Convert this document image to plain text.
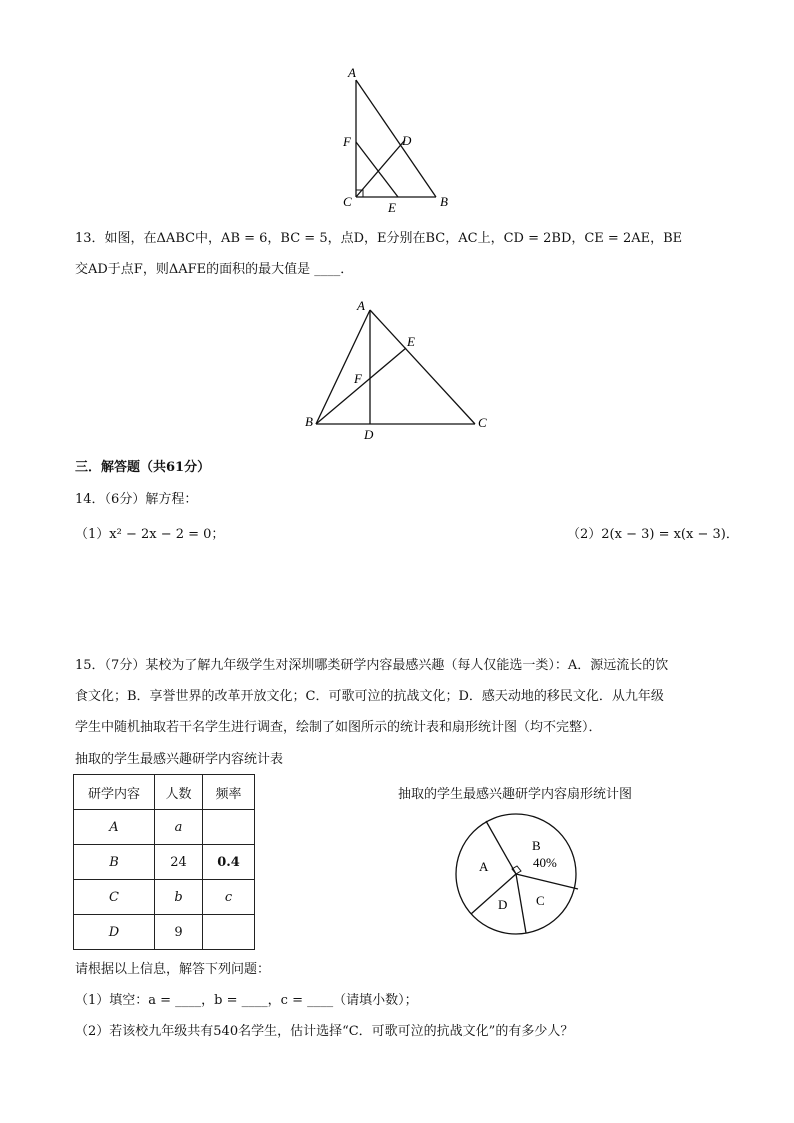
A
F	D
C	E	B
13．如图，在ΔABC中，AB = 6，BC = 5，点D，E分别在BC，AC上，CD = 2BD，CE = 2AE，BE
交AD于点F，则ΔAFE的面积的最大值是 ____．
A
E
F
B
D
C
三．解答题（共61分）
14．（6分）解方程：
（1）x² − 2x − 2 = 0；	（2）2(x − 3) = x(x − 3)．
15．（7分）某校为了解九年级学生对深圳哪类研学内容最感兴趣（每人仅能选一类）：A．源远流长的饮
食文化；B．享誉世界的改革开放文化；C．可歌可泣的抗战文化；D．感天动地的移民文化．从九年级
学生中随机抽取若干名学生进行调查，绘制了如图所示的统计表和扇形统计图（均不完整）．
抽取的学生最感兴趣研学内容统计表
研学内容	人数	频率
A	a	
B	24	0.4
C	b	c
D	9	
抽取的学生最感兴趣研学内容扇形统计图
B
40%
A
C
D
请根据以上信息，解答下列问题：
（1）填空：a = ____，b = ____，c = ____（请填小数）；
（2）若该校九年级共有540名学生，估计选择“C．可歌可泣的抗战文化”的有多少人？
